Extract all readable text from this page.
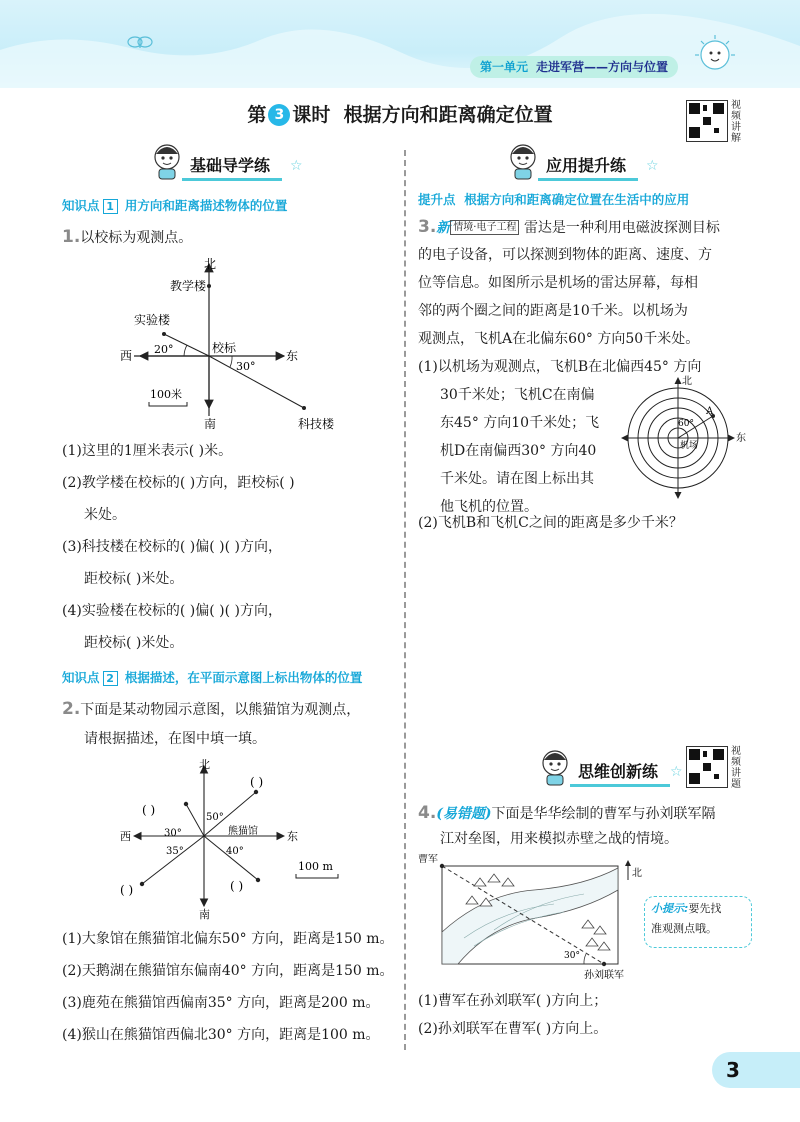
第一单元 走进军营——方向与位置
第 3 课时 根据方向和距离确定位置	视频讲解
基础导学练	☆
知识点 1 用方向和距离描述物体的位置
1.以校标为观测点。
北
南
东
西
教学楼
实验楼
科技楼
20°
30°
校标
100米
(1)这里的1厘米表示( )米。
(2)教学楼在校标的( )方向，距校标( )
米处。
(3)科技楼在校标的( )偏( )( )方向，
距校标( )米处。
(4)实验楼在校标的( )偏( )( )方向，
距校标( )米处。
知识点 2 根据描述，在平面示意图上标出物体的位置
2.下面是某动物园示意图，以熊猫馆为观测点，
请根据描述，在图中填一填。
北
南
东
西
50°
30°
35°	40°
熊猫馆
( )
( )
( )	( )
100 m
(1)大象馆在熊猫馆北偏东50° 方向，距离是150 m。
(2)天鹅湖在熊猫馆东偏南40° 方向，距离是150 m。
(3)鹿苑在熊猫馆西偏南35° 方向，距离是200 m。
(4)猴山在熊猫馆西偏北30° 方向，距离是100 m。
应用提升练	☆
提升点 根据方向和距离确定位置在生活中的应用
3.新 情境·电子工程 雷达是一种利用电磁波探测目标
的电子设备，可以探测到物体的距离、速度、方
位等信息。如图所示是机场的雷达屏幕，每相
邻的两个圈之间的距离是10千米。以机场为
观测点，飞机A在北偏东60° 方向50千米处。
(1)以机场为观测点，飞机B在北偏西45° 方向
30千米处；飞机C在南偏
东45° 方向10千米处；飞
机D在南偏西30° 方向40
千米处。请在图上标出其
他飞机的位置。
(2)飞机B和飞机C之间的距离是多少千米？
北
东
60°
A
机场
思维创新练 ☆
视频讲题
4.(易错题)下面是华华绘制的曹军与孙刘联军隔
江对垒图，用来模拟赤壁之战的情境。
30°
曹军
孙刘联军
北
小提示:要先找
准观测点哦。
(1)曹军在孙刘联军( )方向上；
(2)孙刘联军在曹军( )方向上。
3
